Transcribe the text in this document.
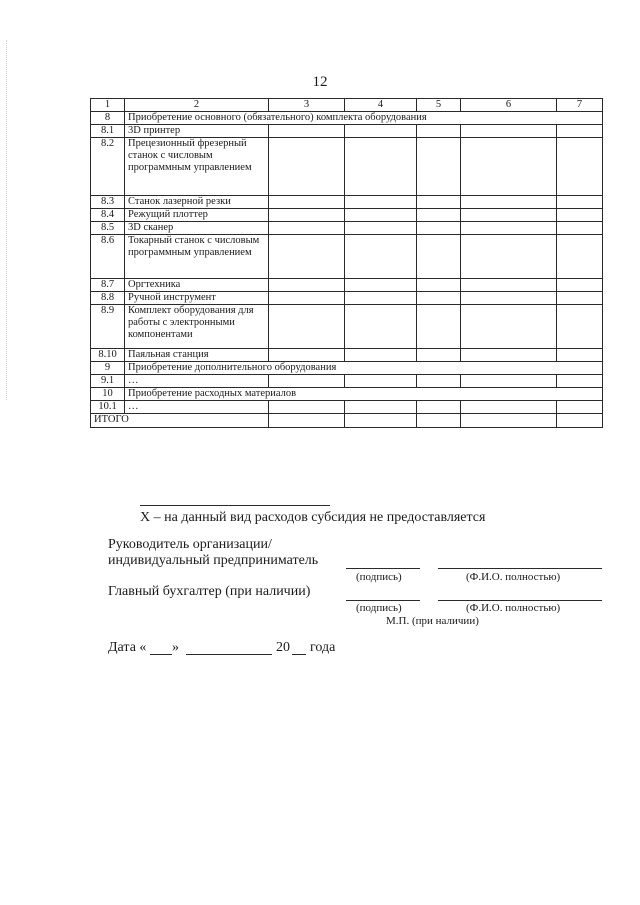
12
1	2	3	4	5	6	7
8	Приобретение основного (обязательного) комплекта оборудования					
8.1	3D принтер					
8.2	Прецезионный фрезерный станок с числовым программным управлением					
8.3	Станок лазерной резки					
8.4	Режущий плоттер					
8.5	3D сканер					
8.6	Токарный станок с числовым программным управлением					
8.7	Оргтехника					
8.8	Ручной инструмент					
8.9	Комплект оборудования для работы с электронными компонентами					
8.10	Паяльная станция					
9	Приобретение дополнительного оборудования					
9.1	…					
10	Приобретение расходных материалов					
10.1	…					
ИТОГО						
X – на данный вид расходов субсидия не предоставляется
Руководитель организации/
индивидуальный предприниматель
(подпись)	(Ф.И.О. полностью)
Главный бухгалтер (при наличии)
(подпись)	(Ф.И.О. полностью)
М.П. (при наличии)
Дата « »	20 года
